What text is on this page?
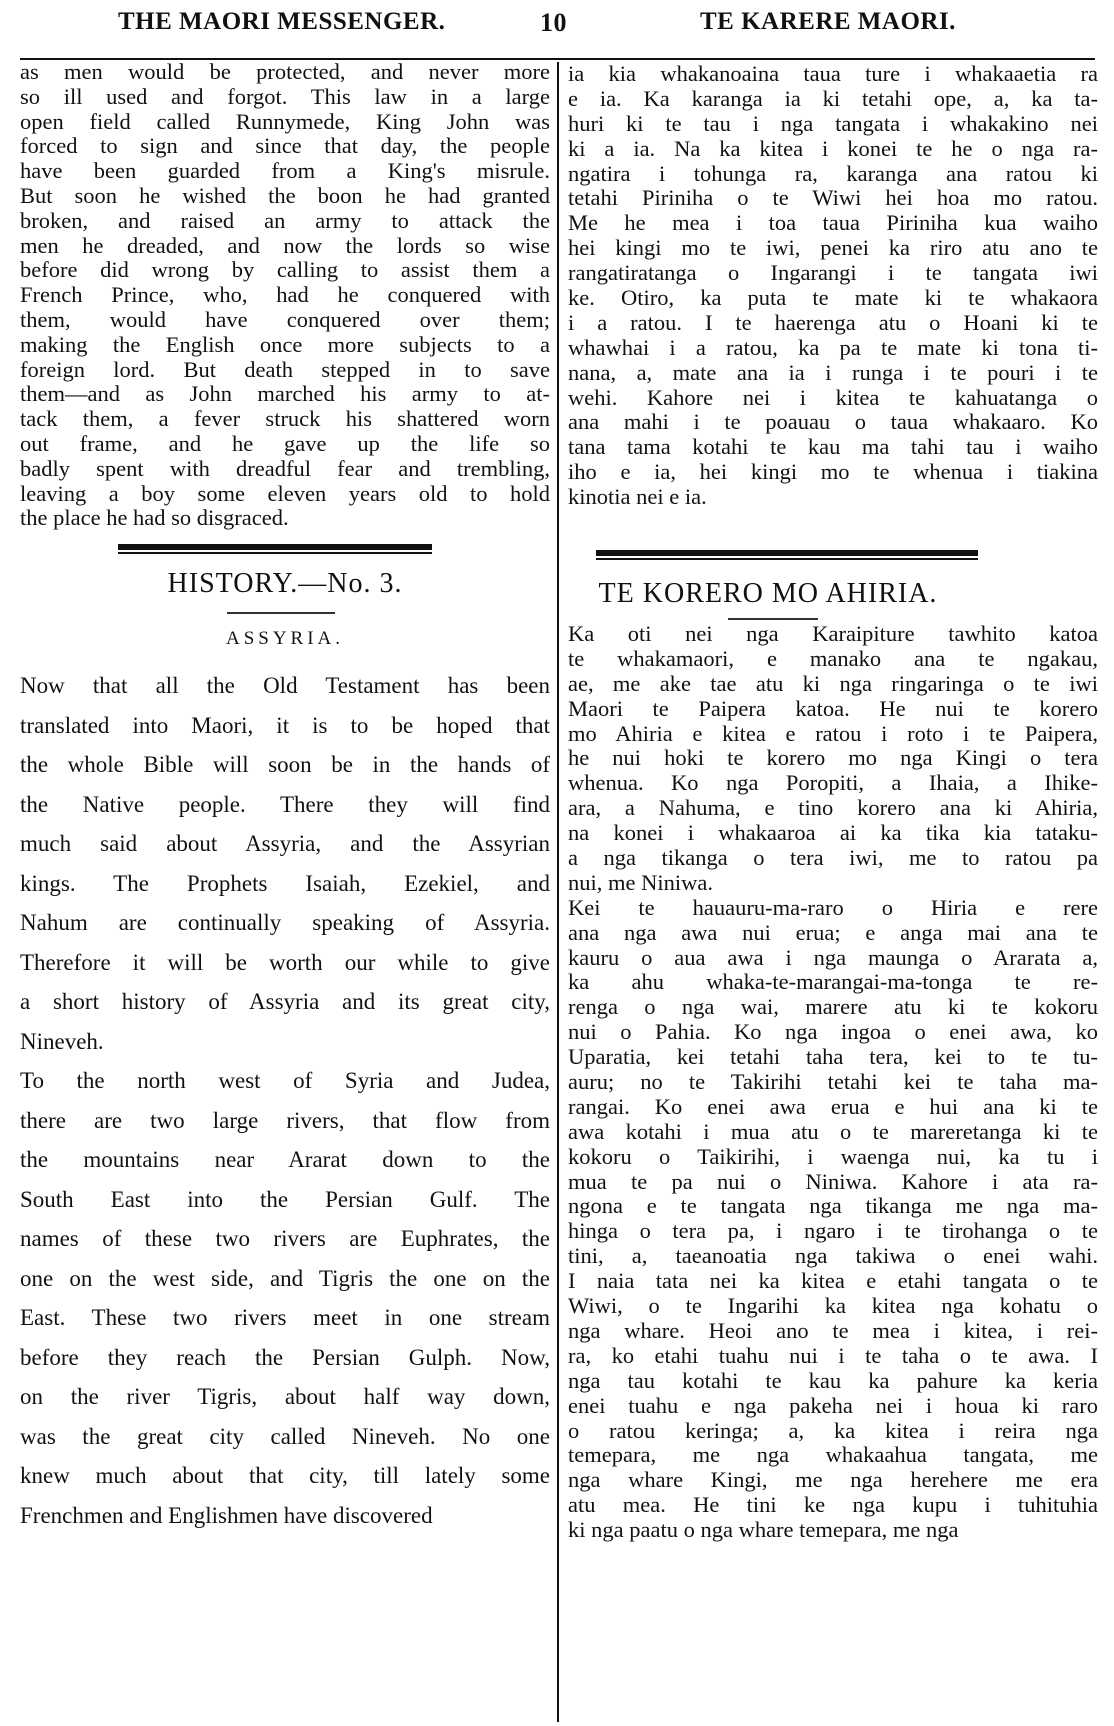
THE MAORI MESSENGER.	10	TE KARERE MAORI.
as men would be protected, and never more
so ill used and forgot. This law in a large
open field called Runnymede, King John was
forced to sign and since that day, the people
have been guarded from a King's misrule.
But soon he wished the boon he had granted
broken, and raised an army to attack the
men he dreaded, and now the lords so wise
before did wrong by calling to assist them a
French Prince, who, had he conquered with
them, would have conquered over them;
making the English once more subjects to a
foreign lord. But death stepped in to save
them—and as John marched his army to at-
tack them, a fever struck his shattered worn
out frame, and he gave up the life so
badly spent with dreadful fear and trembling,
leaving a boy some eleven years old to hold
the place he had so disgraced.
HISTORY.—No. 3.
ASSYRIA.
Now that all the Old Testament has been
translated into Maori, it is to be hoped that
the whole Bible will soon be in the hands of
the Native people. There they will find
much said about Assyria, and the Assyrian
kings. The Prophets Isaiah, Ezekiel, and
Nahum are continually speaking of Assyria.
Therefore it will be worth our while to give
a short history of Assyria and its great city,
Nineveh.
To the north west of Syria and Judea,
there are two large rivers, that flow from
the mountains near Ararat down to the
South East into the Persian Gulf. The
names of these two rivers are Euphrates, the
one on the west side, and Tigris the one on the
East. These two rivers meet in one stream
before they reach the Persian Gulph. Now,
on the river Tigris, about half way down,
was the great city called Nineveh. No one
knew much about that city, till lately some
Frenchmen and Englishmen have discovered
ia kia whakanoaina taua ture i whakaaetia ra
e ia. Ka karanga ia ki tetahi ope, a, ka ta-
huri ki te tau i nga tangata i whakakino nei
ki a ia. Na ka kitea i konei te he o nga ra-
ngatira i tohunga ra, karanga ana ratou ki
tetahi Piriniha o te Wiwi hei hoa mo ratou.
Me he mea i toa taua Piriniha kua waiho
hei kingi mo te iwi, penei ka riro atu ano te
rangatiratanga o Ingarangi i te tangata iwi
ke. Otiro, ka puta te mate ki te whakaora
i a ratou. I te haerenga atu o Hoani ki te
whawhai i a ratou, ka pa te mate ki tona ti-
nana, a, mate ana ia i runga i te pouri i te
wehi. Kahore nei i kitea te kahuatanga o
ana mahi i te poauau o taua whakaaro. Ko
tana tama kotahi te kau ma tahi tau i waiho
iho e ia, hei kingi mo te whenua i tiakina
kinotia nei e ia.
TE KORERO MO AHIRIA.
Ka oti nei nga Karaipiture tawhito katoa
te whakamaori, e manako ana te ngakau,
ae, me ake tae atu ki nga ringaringa o te iwi
Maori te Paipera katoa. He nui te korero
mo Ahiria e kitea e ratou i roto i te Paipera,
he nui hoki te korero mo nga Kingi o tera
whenua. Ko nga Poropiti, a Ihaia, a Ihike-
ara, a Nahuma, e tino korero ana ki Ahiria,
na konei i whakaaroa ai ka tika kia tataku-
a nga tikanga o tera iwi, me to ratou pa
nui, me Niniwa.
Kei te hauauru-ma-raro o Hiria e rere
ana nga awa nui erua; e anga mai ana te
kauru o aua awa i nga maunga o Ararata a,
ka ahu whaka-te-marangai-ma-tonga te re-
renga o nga wai, marere atu ki te kokoru
nui o Pahia. Ko nga ingoa o enei awa, ko
Uparatia, kei tetahi taha tera, kei to te tu-
auru; no te Takirihi tetahi kei te taha ma-
rangai. Ko enei awa erua e hui ana ki te
awa kotahi i mua atu o te mareretanga ki te
kokoru o Taikirihi, i waenga nui, ka tu i
mua te pa nui o Niniwa. Kahore i ata ra-
ngona e te tangata nga tikanga me nga ma-
hinga o tera pa, i ngaro i te tirohanga o te
tini, a, taeanoatia nga takiwa o enei wahi.
I naia tata nei ka kitea e etahi tangata o te
Wiwi, o te Ingarihi ka kitea nga kohatu o
nga whare. Heoi ano te mea i kitea, i rei-
ra, ko etahi tuahu nui i te taha o te awa. I
nga tau kotahi te kau ka pahure ka keria
enei tuahu e nga pakeha nei i houa ki raro
o ratou keringa; a, ka kitea i reira nga
temepara, me nga whakaahua tangata, me
nga whare Kingi, me nga herehere me era
atu mea. He tini ke nga kupu i tuhituhia
ki nga paatu o nga whare temepara, me nga
